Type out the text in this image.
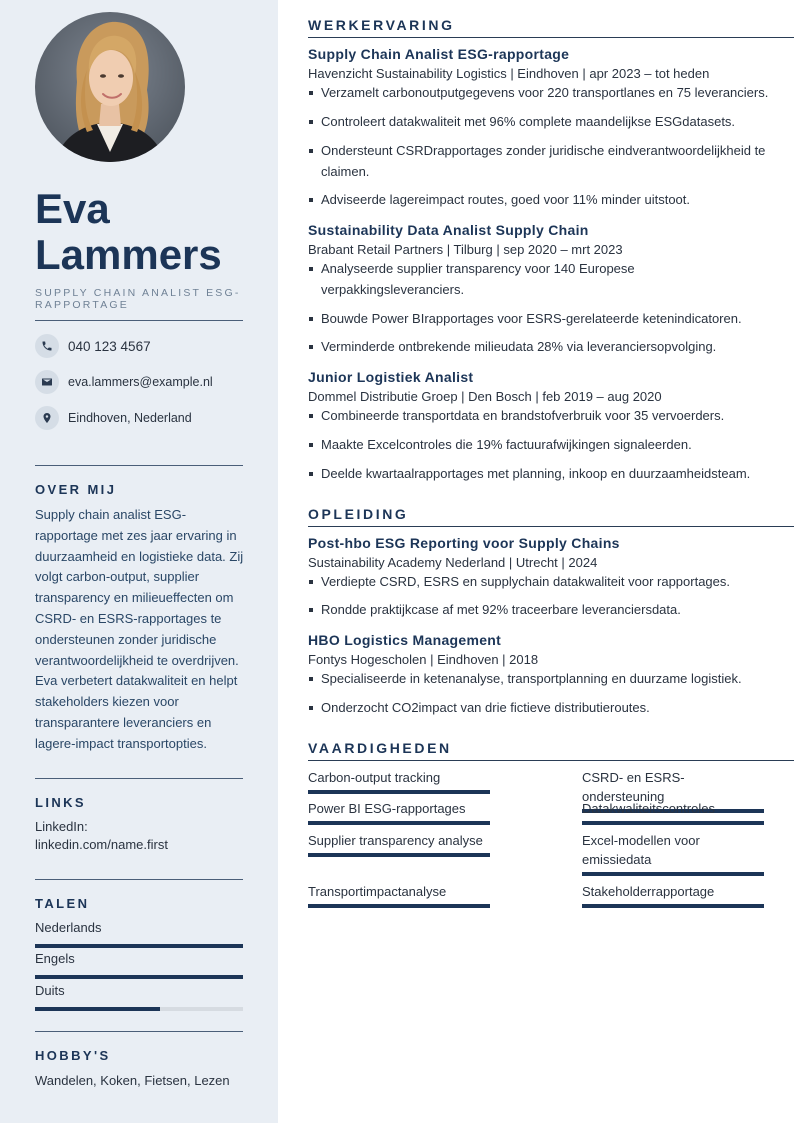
Eva
Lammers
SUPPLY CHAIN ANALIST ESG-RAPPORTAGE
040 123 4567
eva.lammers@example.nl
Eindhoven, Nederland
OVER MIJ
Supply chain analist ESG-rapportage met zes jaar ervaring in duurzaamheid en logistieke data. Zij volgt carbon-output, supplier transparency en milieueffecten om CSRD- en ESRS-rapportages te ondersteunen zonder juridische verantwoordelijkheid te overdrijven. Eva verbetert datakwaliteit en helpt stakeholders kiezen voor transparantere leveranciers en lagere-impact transportopties.
LINKS
LinkedIn:
linkedin.com/name.first
TALEN
Nederlands
Engels
Duits
HOBBY'S
Wandelen, Koken, Fietsen, Lezen
WERKERVARING
Supply Chain Analist ESG-rapportage
Havenzicht Sustainability Logistics | Eindhoven | apr 2023 – tot heden
Verzamelt carbonoutputgegevens voor 220 transportlanes en 75 leveranciers.
Controleert datakwaliteit met 96% complete maandelijkse ESGdatasets.
Ondersteunt CSRDrapportages zonder juridische eindverantwoordelijkheid te claimen.
Adviseerde lagereimpact routes, goed voor 11% minder uitstoot.
Sustainability Data Analist Supply Chain
Brabant Retail Partners | Tilburg | sep 2020 – mrt 2023
Analyseerde supplier transparency voor 140 Europese verpakkingsleveranciers.
Bouwde Power BIrapportages voor ESRS-gerelateerde ketenindicatoren.
Verminderde ontbrekende milieudata 28% via leveranciersopvolging.
Junior Logistiek Analist
Dommel Distributie Groep | Den Bosch | feb 2019 – aug 2020
Combineerde transportdata en brandstofverbruik voor 35 vervoerders.
Maakte Excelcontroles die 19% factuurafwijkingen signaleerden.
Deelde kwartaalrapportages met planning, inkoop en duurzaamheidsteam.
OPLEIDING
Post-hbo ESG Reporting voor Supply Chains
Sustainability Academy Nederland | Utrecht | 2024
Verdiepte CSRD, ESRS en supplychain datakwaliteit voor rapportages.
Rondde praktijkcase af met 92% traceerbare leveranciersdata.
HBO Logistics Management
Fontys Hogescholen | Eindhoven | 2018
Specialiseerde in ketenanalyse, transportplanning en duurzame logistiek.
Onderzocht CO2impact van drie fictieve distributieroutes.
VAARDIGHEDEN
Carbon-output tracking	CSRD- en ESRS-ondersteuning
Power BI ESG-rapportages	Datakwaliteitscontroles
Supplier transparency analyse	Excel-modellen voor emissiedata
Transportimpactanalyse	Stakeholderrapportage
